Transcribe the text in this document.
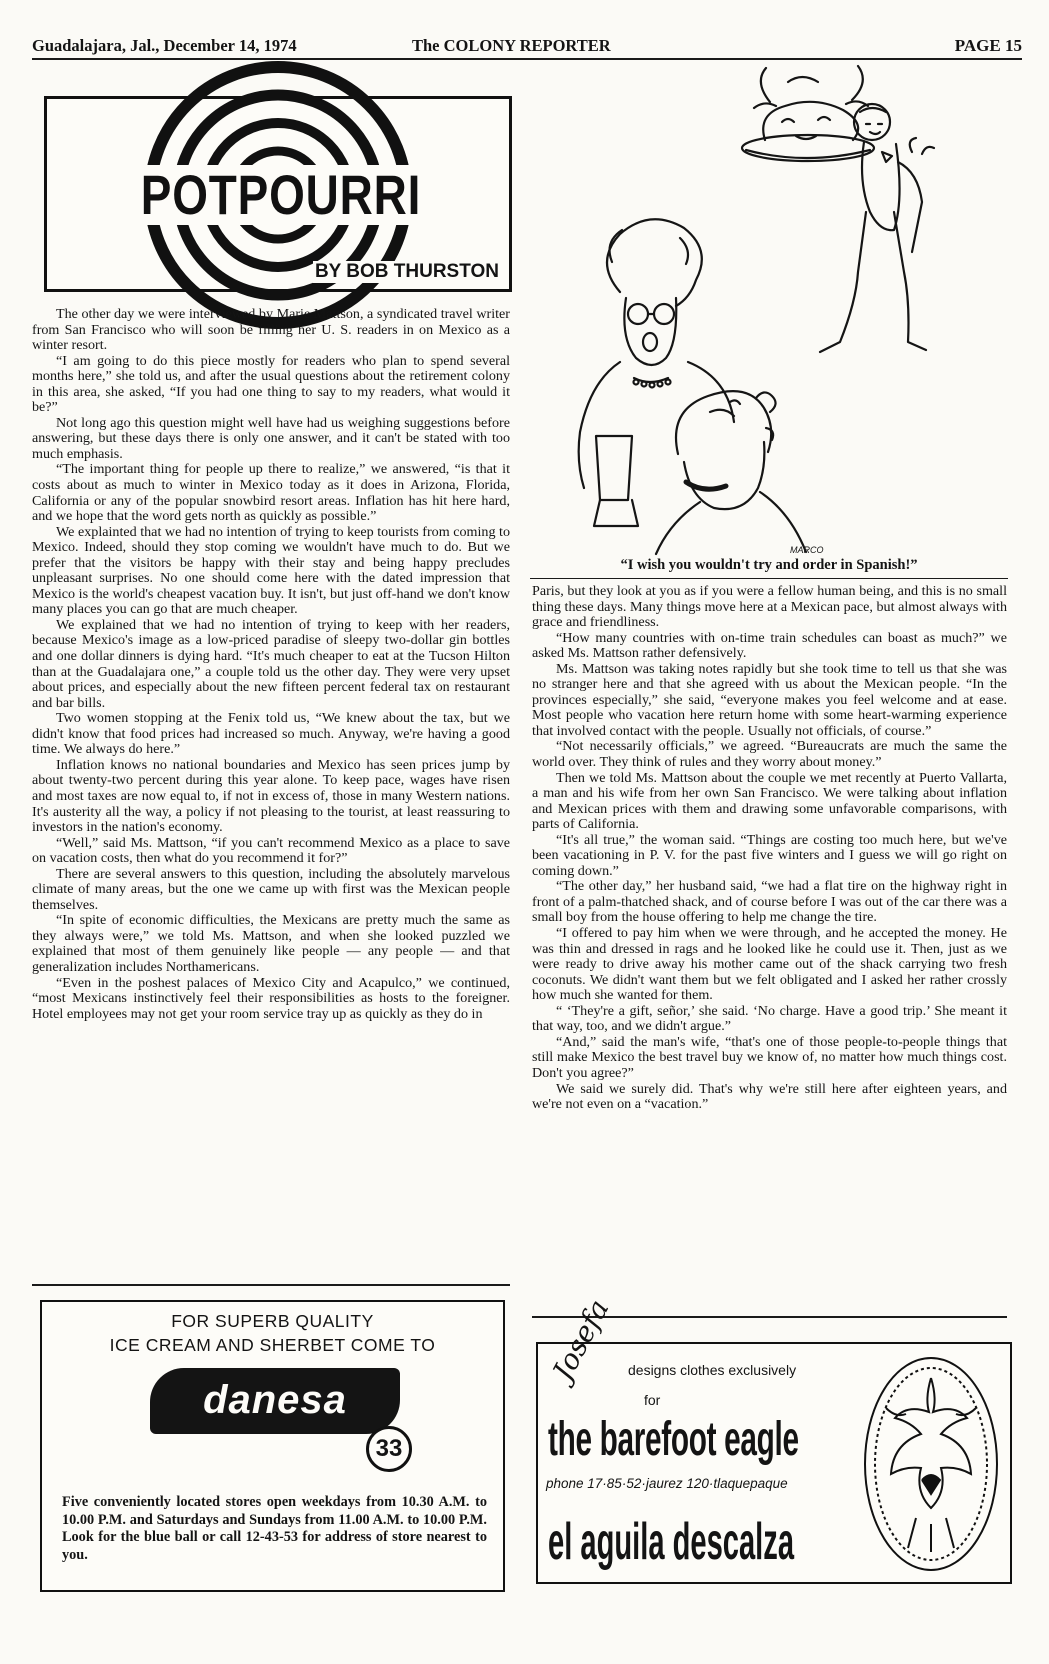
Guadalajara, Jal., December 14, 1974	The COLONY REPORTER	PAGE 15
POTPOURRI
BY BOB THURSTON

The other day we were interviewed by Marie Mattson, a syndicated travel writer from San Francisco who will soon be filling her U. S. readers in on Mexico as a winter resort.

“I am going to do this piece mostly for readers who plan to spend several months here,” she told us, and after the usual questions about the retirement colony in this area, she asked, “If you had one thing to say to my readers, what would it be?”

Not long ago this question might well have had us weighing suggestions before answering, but these days there is only one answer, and it can't be stated with too much emphasis.

“The important thing for people up there to realize,” we answered, “is that it costs about as much to winter in Mexico today as it does in Arizona, Florida, California or any of the popular snowbird resort areas. Inflation has hit here hard, and we hope that the word gets north as quickly as possible.”

We explainted that we had no intention of trying to keep tourists from coming to Mexico. Indeed, should they stop coming we wouldn't have much to do. But we prefer that the visitors be happy with their stay and being happy precludes unpleasant surprises. No one should come here with the dated impression that Mexico is the world's cheapest vacation buy. It isn't, but just off-hand we don't know many places you can go that are much cheaper.

We explained that we had no intention of trying to keep with her readers, because Mexico's image as a low-priced paradise of sleepy two-dollar gin bottles and one dollar dinners is dying hard. “It's much cheaper to eat at the Tucson Hilton than at the Guadalajara one,” a couple told us the other day. They were very upset about prices, and especially about the new fifteen percent federal tax on restaurant and bar bills.

Two women stopping at the Fenix told us, “We knew about the tax, but we didn't know that food prices had increased so much. Anyway, we're having a good time. We always do here.”

Inflation knows no national boundaries and Mexico has seen prices jump by about twenty-two percent during this year alone. To keep pace, wages have risen and most taxes are now equal to, if not in excess of, those in many Western nations. It's austerity all the way, a policy if not pleasing to the tourist, at least reassuring to investors in the nation's economy.

“Well,” said Ms. Mattson, “if you can't recommend Mexico as a place to save on vacation costs, then what do you recommend it for?”

There are several answers to this question, including the absolutely marvelous climate of many areas, but the one we came up with first was the Mexican people themselves.

“In spite of economic difficulties, the Mexicans are pretty much the same as they always were,” we told Ms. Mattson, and when she looked puzzled we explained that most of them genuinely like people — any people — and that generalization includes Northamericans.

“Even in the poshest palaces of Mexico City and Acapulco,” we continued, “most Mexicans instinctively feel their responsibilities as hosts to the foreigner. Hotel employees may not get your room service tray up as quickly as they do in

MARCO
“I wish you wouldn't try and order in Spanish!”

Paris, but they look at you as if you were a fellow human being, and this is no small thing these days. Many things move here at a Mexican pace, but almost always with grace and friendliness.

“How many countries with on-time train schedules can boast as much?” we asked Ms. Mattson rather defensively.

Ms. Mattson was taking notes rapidly but she took time to tell us that she was no stranger here and that she agreed with us about the Mexican people. “In the provinces especially,” she said, “everyone makes you feel welcome and at ease. Most people who vacation here return home with some heart-warming experience that involved contact with the people. Usually not officials, of course.”

“Not necessarily officials,” we agreed. “Bureaucrats are much the same the world over. They think of rules and they worry about money.”

Then we told Ms. Mattson about the couple we met recently at Puerto Vallarta, a man and his wife from her own San Francisco. We were talking about inflation and Mexican prices with them and drawing some unfavorable comparisons, with parts of California.

“It's all true,” the woman said. “Things are costing too much here, but we've been vacationing in P. V. for the past five winters and I guess we will go right on coming down.”

“The other day,” her husband said, “we had a flat tire on the highway right in front of a palm-thatched shack, and of course before I was out of the car there was a small boy from the house offering to help me change the tire.

“I offered to pay him when we were through, and he accepted the money. He was thin and dressed in rags and he looked like he could use it. Then, just as we were ready to drive away his mother came out of the shack carrying two fresh coconuts. We didn't want them but we felt obligated and I asked her rather crossly how much she wanted for them.

“ ‘They're a gift, señor,’ she said. ‘No charge. Have a good trip.’ She meant it that way, too, and we didn't argue.”

“And,” said the man's wife, “that's one of those people-to-people things that still make Mexico the best travel buy we know of, no matter how much things cost. Don't you agree?”

We said we surely did. That's why we're still here after eighteen years, and we're not even on a “vacation.”

FOR SUPERB QUALITY
ICE CREAM AND SHERBET COME TO
danesa
33
Five conveniently located stores open weekdays from 10.30 A.M. to 10.00 P.M. and Saturdays and Sundays from 11.00 A.M. to 10.00 P.M. Look for the blue ball or call 12-43-53 for address of store nearest to you.
Josefa designs clothes exclusively
for
the barefoot eagle
phone 17·85·52·jaurez 120·tlaquepaque
el aguila descalza
